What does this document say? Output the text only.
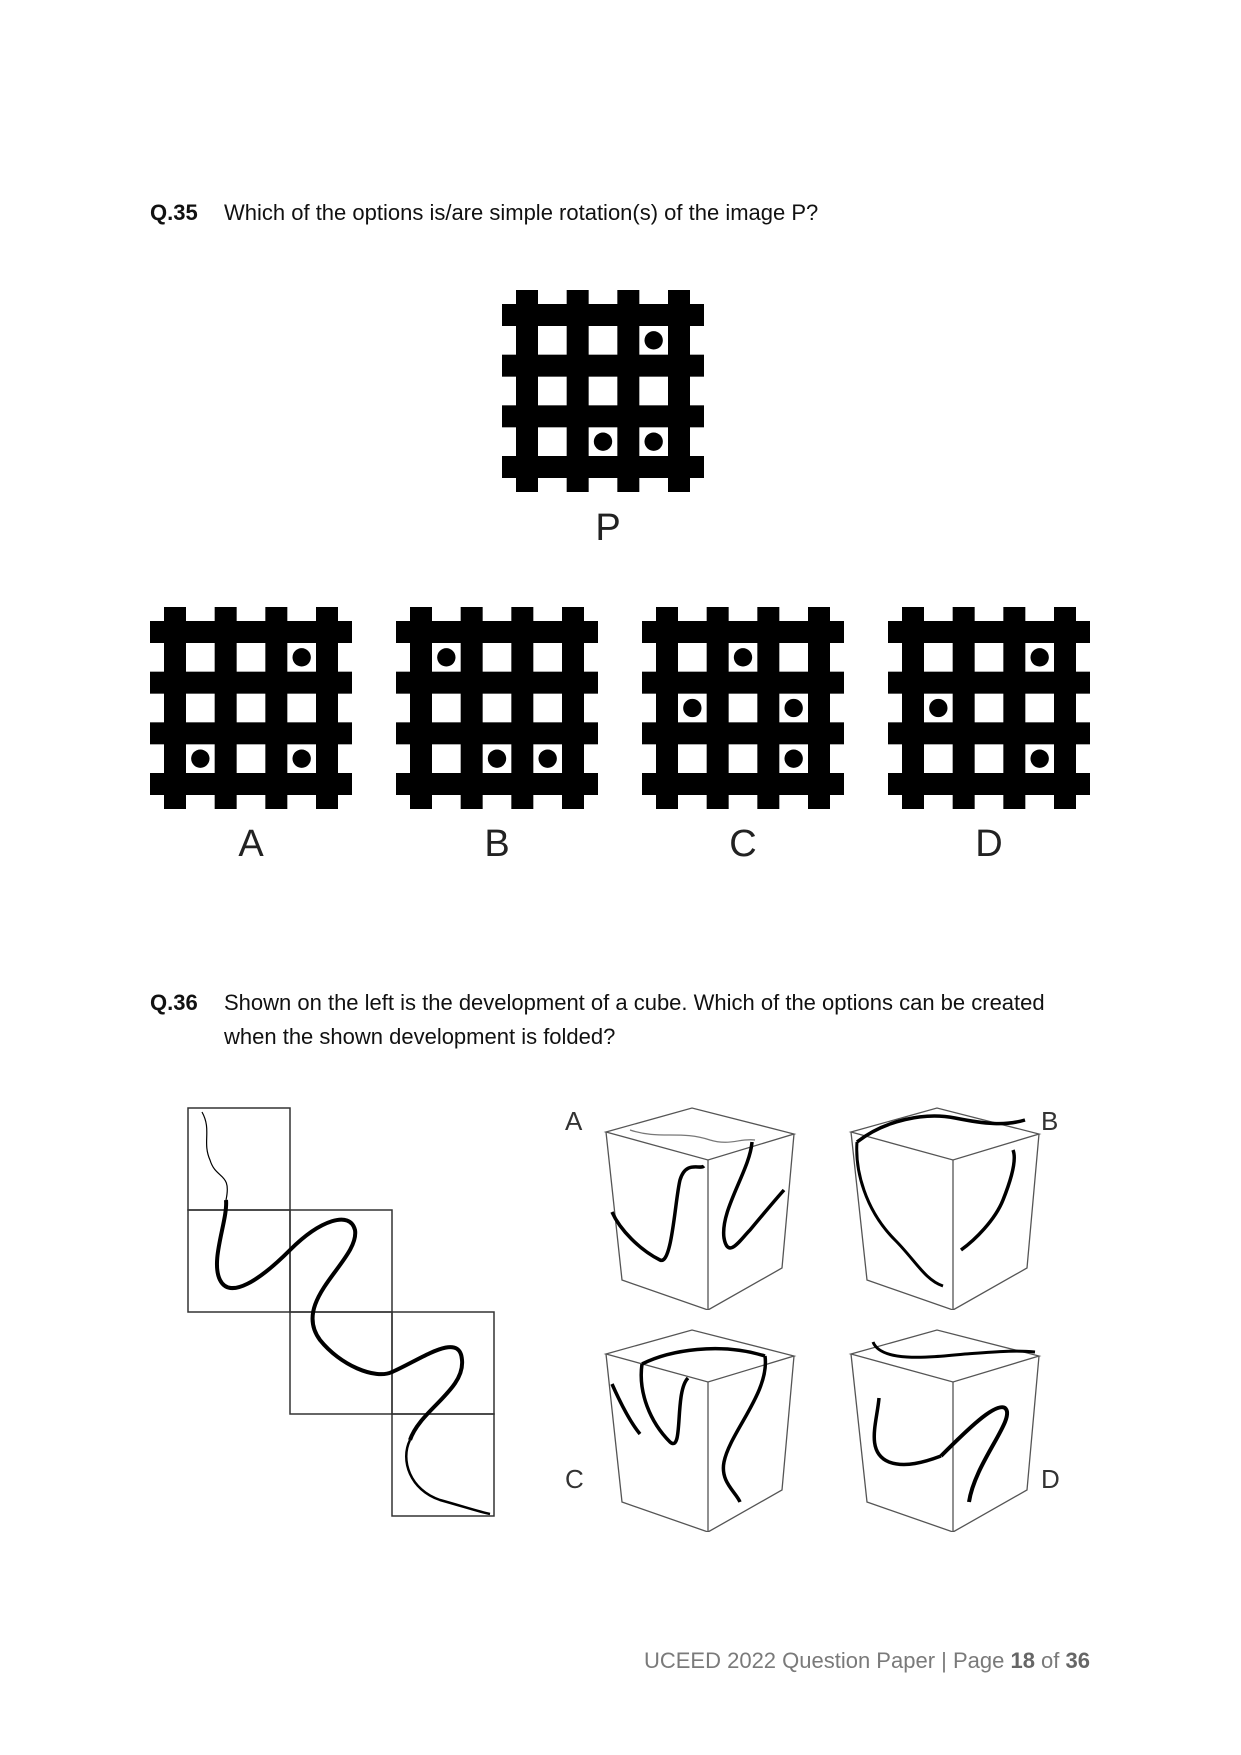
Q.35 Which of the options is/are simple rotation(s) of the image P?
P
A	B	C	D
Q.36 Shown on the left is the development of a cube. Which of the options can be created
when the shown development is folded?
A	B
C	D
UCEED 2022 Question Paper | Page 18 of 36
